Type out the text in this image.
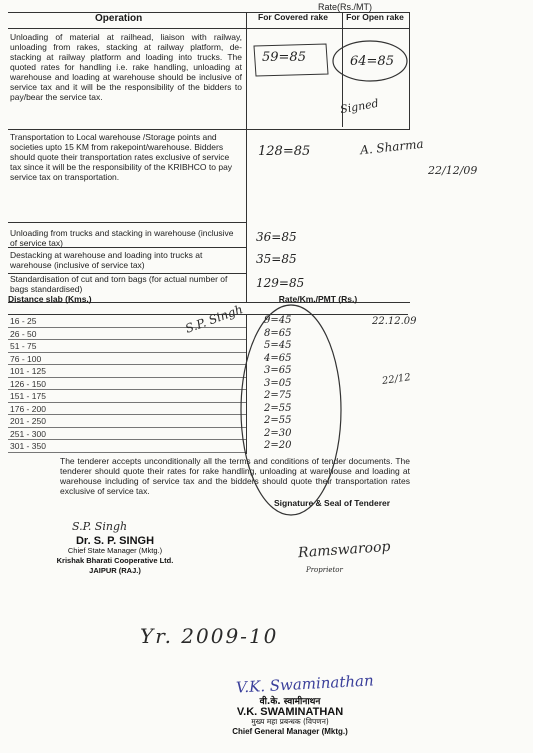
Rate(Rs./MT)
Operation	For Covered rake	For Open rake
Unloading of material at railhead, liaison with railway, unloading from rakes, stacking at railway platform, de-stacking at railway platform and loading into trucks. The quoted rates for handling i.e. rake handling, unloading at warehouse and loading at warehouse should be inclusive of service tax and it will be the responsibility of the bidders to pay/bear the service tax.
59=85	64=85
Signed
Transportation to Local warehouse /Storage points and societies upto 15 KM from rakepoint/warehouse. Bidders should quote their transportation rates exclusive of service tax since it will be the responsibility of the KRIBHCO to pay service tax on transportation.
128=85	A. Sharma
22/12/09
Unloading from trucks and stacking in warehouse (inclusive of service tax)	36=85
Destacking at warehouse and loading into trucks at warehouse (inclusive of service tax)	35=85
Standardisation of cut and torn bags (for actual number of bags standardised)	129=85
Distance slab (Kms.)	Rate/Km./PMT (Rs.)
16 - 25	9=45
26 - 50	8=65
51 - 75	5=45
76 - 100	4=65
101 - 125	3=65
126 - 150	3=05
151 - 175	2=75
176 - 200	2=55
201 - 250	2=55
251 - 300	2=30
301 - 350	2=20
S.P. Singh	22.12.09
22/12
The tenderer accepts unconditionally all the terms and conditions of tender documents. The tenderer should quote their rates for rake handling, unloading at warehouse and loading at warehouse including of service tax and the bidders should quote their transportation rates exclusive of service tax.
Signature & Seal of Tenderer
S.P. Singh
Dr. S. P. SINGH
Chief State Manager (Mktg.)
Krishak Bharati Cooperative Ltd.
JAIPUR (RAJ.)
Ramswaroop
Proprietor
Yr. 2009-10
V.K. Swaminathan
वी.के. स्वामीनाथन
V.K. SWAMINATHAN
मुख्य महा प्रबन्धक (विपणन)
Chief General Manager (Mktg.)
